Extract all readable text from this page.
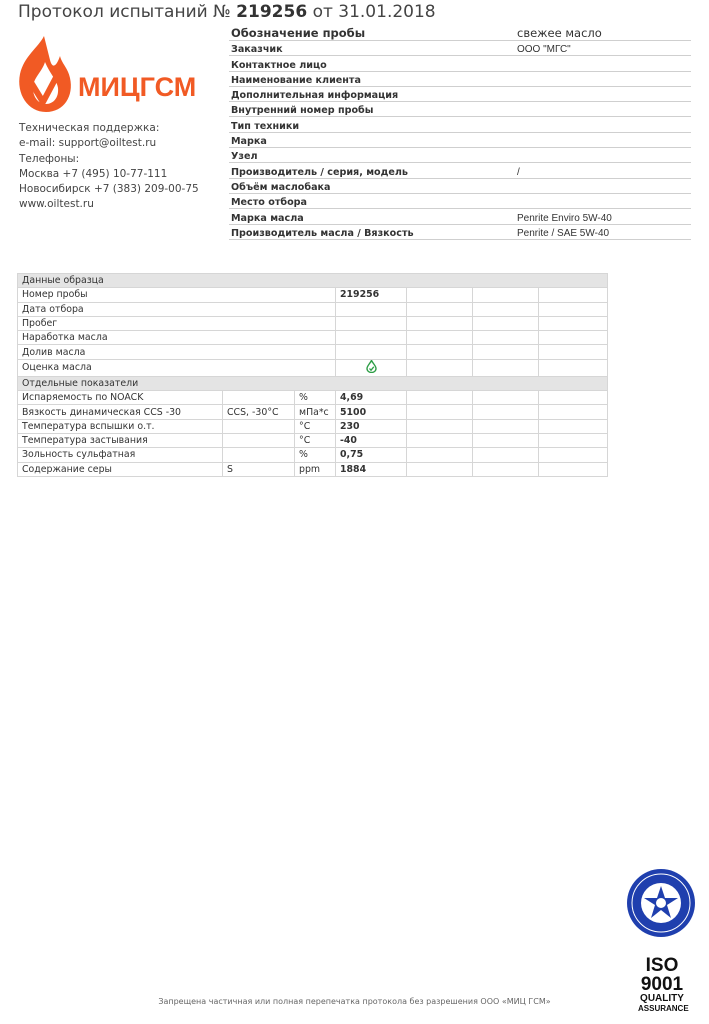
Протокол испытаний № 219256 от 31.01.2018
МИЦГСМ
Техническая поддержка:
e-mail: support@oiltest.ru
Телефоны:
Москва +7 (495) 10-77-111
Новосибирск +7 (383) 209-00-75
www.oiltest.ru
Обозначение пробы	свежее масло
Заказчик	ООО "МГС"
Контактное лицо	
Наименование клиента	
Дополнительная информация	
Внутренний номер пробы	
Тип техники	
Марка	
Узел	
Производитель / серия, модель	/
Объём маслобака	
Место отбора	
Марка масла	Penrite Enviro 5W-40
Производитель масла / Вязкость	Penrite / SAE 5W-40
Данные образца						
Номер пробы			219256			
Дата отбора						
Пробег						
Наработка масла						
Долив масла						
Оценка масла				
Отдельные показатели						
Испаряемость по NOACK		%	4,69			
Вязкость динамическая CCS -30	CCS, -30°C	мПа*с	5100			
Температура вспышки о.т.		°C	230			
Температура застывания		°C	-40			
Зольность сульфатная		%	0,75			
Содержание серы	S	ppm	1884			
ISO
9001
QUALITY
ASSURANCE
Запрещена частичная или полная перепечатка протокола без разрешения ООО «МИЦ ГСМ»
